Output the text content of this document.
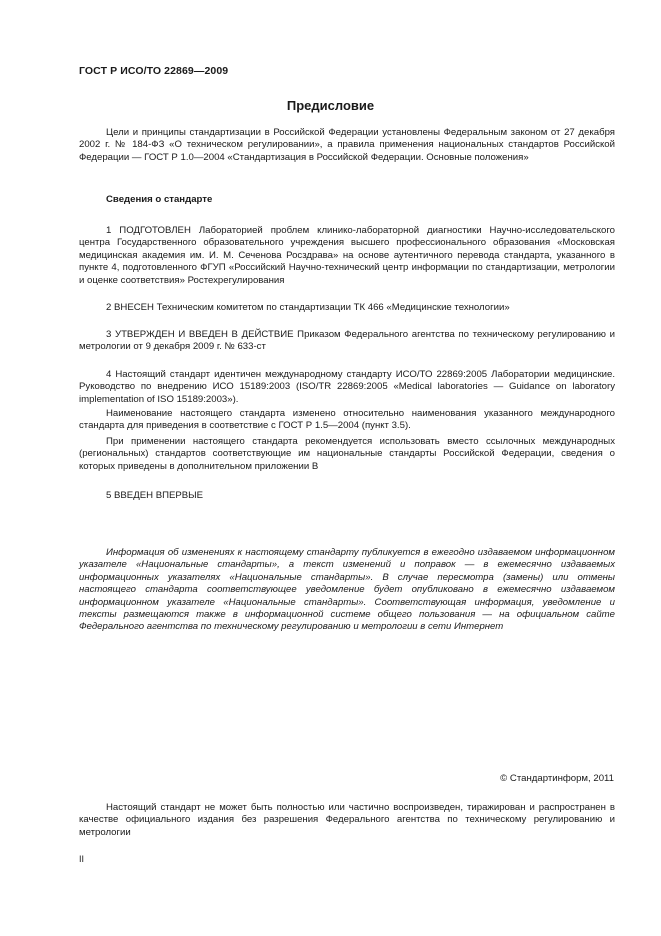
ГОСТ Р ИСО/ТО 22869—2009
Предисловие

Цели и принципы стандартизации в Российской Федерации установлены Федеральным законом от 27 декабря 2002 г. № 184-ФЗ «О техническом регулировании», а правила применения национальных стандартов Российской Федерации — ГОСТ Р 1.0—2004 «Стандартизация в Российской Федерации. Основные положения»

Сведения о стандарте

1 ПОДГОТОВЛЕН Лабораторией проблем клинико-лабораторной диагностики Научно-исследовательского центра Государственного образовательного учреждения высшего профессионального образования «Московская медицинская академия им. И. М. Сеченова Росздрава» на основе аутентичного перевода стандарта, указанного в пункте 4, подготовленного ФГУП «Российский Научно-технический центр информации по стандартизации, метрологии и оценке соответствия» Ростехрегулирования

2 ВНЕСЕН Техническим комитетом по стандартизации ТК 466 «Медицинские технологии»

3 УТВЕРЖДЕН И ВВЕДЕН В ДЕЙСТВИЕ Приказом Федерального агентства по техническому регулированию и метрологии от 9 декабря 2009 г. № 633-ст

4 Настоящий стандарт идентичен международному стандарту ИСО/ТО 22869:2005 Лаборатории медицинские. Руководство по внедрению ИСО 15189:2003 (ISO/TR 22869:2005 «Medical laboratories — Guidance on laboratory implementation of ISO 15189:2003»).

Наименование настоящего стандарта изменено относительно наименования указанного международного стандарта для приведения в соответствие с ГОСТ Р 1.5—2004 (пункт 3.5).

При применении настоящего стандарта рекомендуется использовать вместо ссылочных международных (региональных) стандартов соответствующие им национальные стандарты Российской Федерации, сведения о которых приведены в дополнительном приложении В

5 ВВЕДЕН ВПЕРВЫЕ

Информация об изменениях к настоящему стандарту публикуется в ежегодно издаваемом информационном указателе «Национальные стандарты», а текст изменений и поправок — в ежемесячно издаваемых информационных указателях «Национальные стандарты». В случае пересмотра (замены) или отмены настоящего стандарта соответствующее уведомление будет опубликовано в ежемесячно издаваемом информационном указателе «Национальные стандарты». Соответствующая информация, уведомление и тексты размещаются также в информационной системе общего пользования — на официальном сайте Федерального агентства по техническому регулированию и метрологии в сети Интернет

© Стандартинформ, 2011

Настоящий стандарт не может быть полностью или частично воспроизведен, тиражирован и распространен в качестве официального издания без разрешения Федерального агентства по техническому регулированию и метрологии

II
